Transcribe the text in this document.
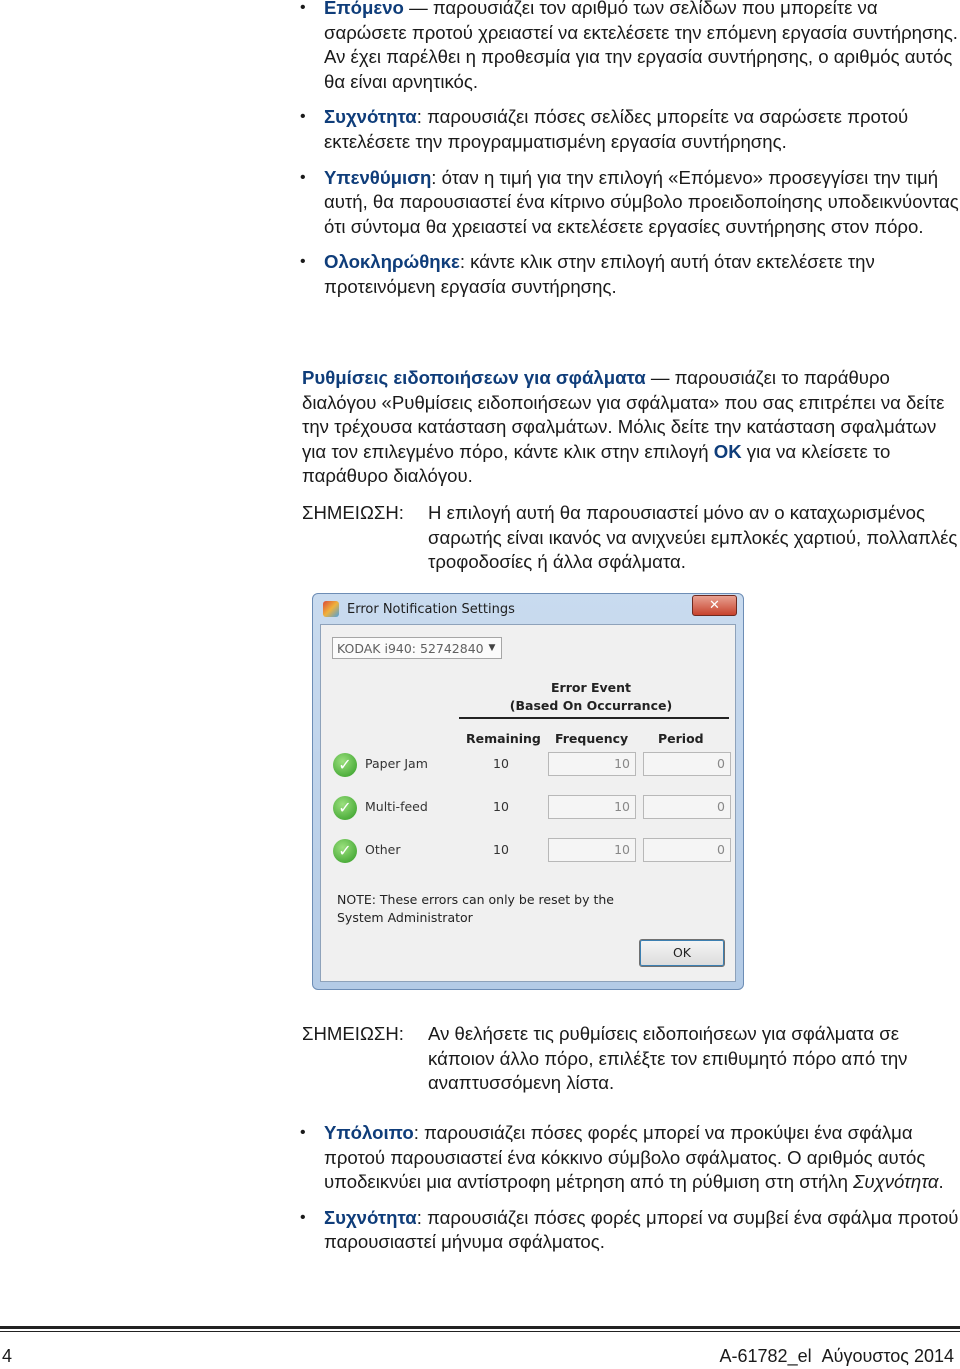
• Επόμενο — παρουσιάζει τον αριθμό των σελίδων που μπορείτε να σαρώσετε προτού χρειαστεί να εκτελέσετε την επόμενη εργασία συντήρησης. Αν έχει παρέλθει η προθεσμία για την εργασία συντήρησης, ο αριθμός αυτός θα είναι αρνητικός.
• Συχνότητα: παρουσιάζει πόσες σελίδες μπορείτε να σαρώσετε προτού εκτελέσετε την προγραμματισμένη εργασία συντήρησης.
• Υπενθύμιση: όταν η τιμή για την επιλογή «Επόμενο» προσεγγίσει την τιμή αυτή, θα παρουσιαστεί ένα κίτρινο σύμβολο προειδοποίησης υποδεικνύοντας ότι σύντομα θα χρειαστεί να εκτελέσετε εργασίες συντήρησης στον πόρο.
• Ολοκληρώθηκε: κάντε κλικ στην επιλογή αυτή όταν εκτελέσετε την προτεινόμενη εργασία συντήρησης.

Ρυθμίσεις ειδοποιήσεων για σφάλματα — παρουσιάζει το παράθυρο διαλόγου «Ρυθμίσεις ειδοποιήσεων για σφάλματα» που σας επιτρέπει να δείτε την τρέχουσα κατάσταση σφαλμάτων. Μόλις δείτε την κατάσταση σφαλμάτων για τον επιλεγμένο πόρο, κάντε κλικ στην επιλογή OK για να κλείσετε το παράθυρο διαλόγου.

ΣΗΜΕΙΩΣΗ:	Η επιλογή αυτή θα παρουσιαστεί μόνο αν ο καταχωρισμένος σαρωτής είναι ικανός να ανιχνεύει εμπλοκές χαρτιού, πολλαπλές τροφοδοσίες ή άλλα σφάλματα.
Error Notification Settings	✕
KODAK i940: 52742840 ▼
Error Event
(Based On Occurrance)
Remaining Frequency Period
✓	Paper Jam	10	10	0
✓	Multi-feed	10	10	0
✓	Other	10	10	0
NOTE: These errors can only be reset by the System Administrator
OK
ΣΗΜΕΙΩΣΗ:	Αν θελήσετε τις ρυθμίσεις ειδοποιήσεων για σφάλματα σε κάποιον άλλο πόρο, επιλέξτε τον επιθυμητό πόρο από την αναπτυσσόμενη λίστα.
• Υπόλοιπο: παρουσιάζει πόσες φορές μπορεί να προκύψει ένα σφάλμα προτού παρουσιαστεί ένα κόκκινο σύμβολο σφάλματος. Ο αριθμός αυτός υποδεικνύει μια αντίστροφη μέτρηση από τη ρύθμιση στη στήλη Συχνότητα.
• Συχνότητα: παρουσιάζει πόσες φορές μπορεί να συμβεί ένα σφάλμα προτού παρουσιαστεί μήνυμα σφάλματος.
4	A-61782_el  Αύγουστος 2014
